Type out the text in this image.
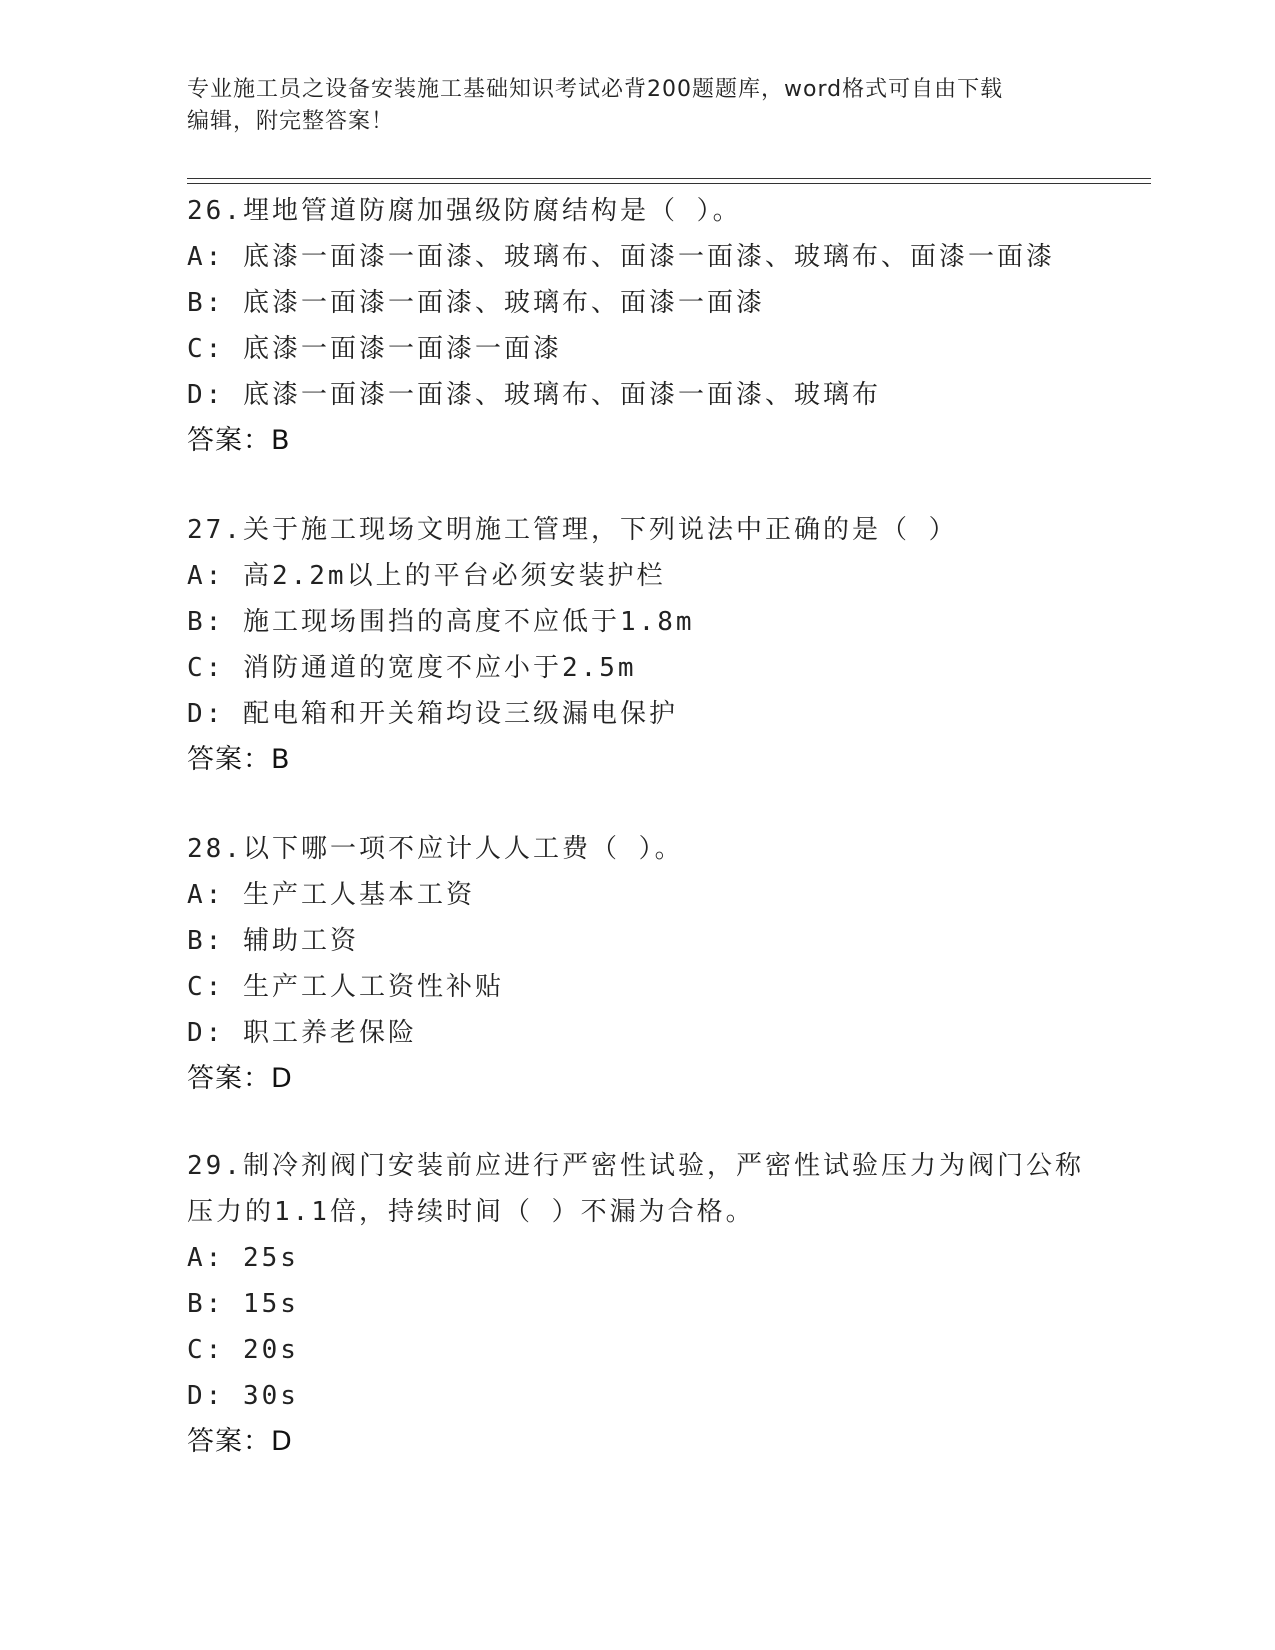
专业施工员之设备安装施工基础知识考试必背200题题库，word格式可自由下载
编辑，附完整答案！
26.埋地管道防腐加强级防腐结构是（ ）。
A: 底漆一面漆一面漆、玻璃布、面漆一面漆、玻璃布、面漆一面漆
B: 底漆一面漆一面漆、玻璃布、面漆一面漆
C: 底漆一面漆一面漆一面漆
D: 底漆一面漆一面漆、玻璃布、面漆一面漆、玻璃布
答案：B
27.关于施工现场文明施工管理，下列说法中正确的是（ ）
A: 高2.2m以上的平台必须安装护栏
B: 施工现场围挡的高度不应低于1.8m
C: 消防通道的宽度不应小于2.5m
D: 配电箱和开关箱均设三级漏电保护
答案：B
28.以下哪一项不应计人人工费（ ）。
A: 生产工人基本工资
B: 辅助工资
C: 生产工人工资性补贴
D: 职工养老保险
答案：D
29.制冷剂阀门安装前应进行严密性试验，严密性试验压力为阀门公称
压力的1.1倍，持续时间（ ）不漏为合格。
A: 25s
B: 15s
C: 20s
D: 30s
答案：D
